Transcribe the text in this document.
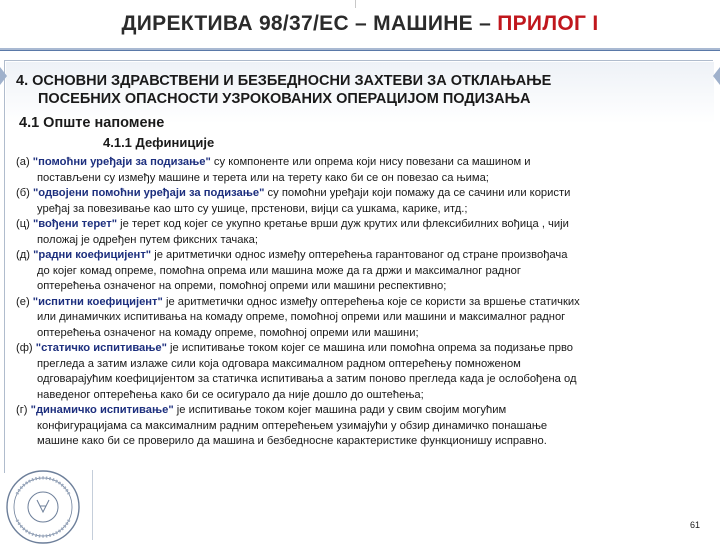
ДИРЕКТИВА 98/37/ЕС – МАШИНЕ – ПРИЛОГ I
4. ОСНОВНИ ЗДРАВСТВЕНИ И БЕЗБЕДНОСНИ ЗАХТЕВИ ЗА ОТКЛАЊАЊЕ
ПОСЕБНИХ ОПАСНОСТИ УЗРОКОВАНИХ ОПЕРАЦИЈОМ ПОДИЗАЊА
4.1 Опште напомене
4.1.1 Дефиниције
(а) "помоћни уређаји за подизање" су компоненте или опрема који нису повезани са машином и
постављени су између машине и терета или на терету како би се он повезао са њима;
(б) "одвојени помоћни уређаји за подизање" су помоћни уређаји који помажу да се сачини или користи
уређај за повезивање као што су ушице, прстенови, вијци са ушкама, карике, итд.;
(ц) "вођени терет" је терет код којег се укупно кретање врши дуж крутих или флексибилних вођица , чији
положај је одређен путем фиксних тачака;
(д) "радни коефицијент" је аритметички однос између оптерећења гарантованог од стране произвођача
до којег комад опреме, помоћна опрема или машина може да га држи и максималног радног
оптерећења означеног на опреми, помоћној опреми или машини респективно;
(е) "испитни коефицијент" је аритметички однос између оптерећења које се користи за вршење статичких
или динамичких испитивања на комаду опреме, помоћној опреми или машини и максималног радног
оптерећења означеног на комаду опреме, помоћној опреми или машини;
(ф) "статичко испитивање" је испитивање током којег се машина или помоћна опрема за подизање прво
прегледа а затим излаже сили која одговара максималном радном оптерећењу помноженом
одговарајућим коефицијентом за статичка испитивања а затим поново прегледа када је ослобођена од
наведеног оптерећења како би се осигурало да није дошло до оштећења;
(г) "динамичко испитивање" је испитивање током којег машина ради у свим својим могућим
конфигурацијама са максималним радним оптерећењем узимајући у обзир динамичко понашање
машине како би се проверило да машина и безбедносне карактеристике функционишу исправно.
61
